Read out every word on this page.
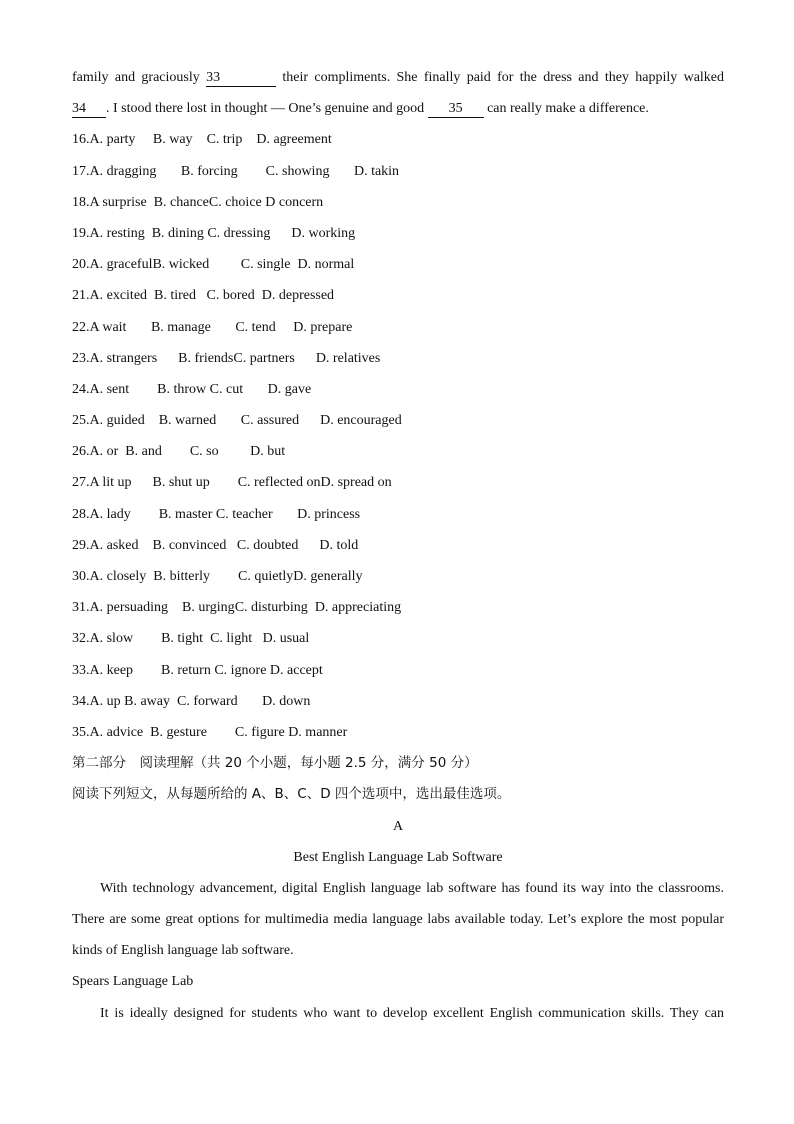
family and graciously 33	their compliments. She finally paid for the dress and they happily walked
34 . I stood there lost in thought — One’s genuine and good 35 can really make a difference.
16.A. party B. way C. trip D. agreement
17.A. dragging B. forcing C. showing D. takin
18.A surprise B. chanceC. choice D concern
19.A. resting B. dining C. dressing D. working
20.A. gracefulB. wicked C. single D. normal
21.A. excited B. tired C. bored D. depressed
22.A wait B. manage C. tend D. prepare
23.A. strangers B. friendsC. partners D. relatives
24.A. sent B. throw C. cut D. gave
25.A. guided B. warned C. assured D. encouraged
26.A. or B. and C. so D. but
27.A lit up B. shut up C. reflected onD. spread on
28.A. lady B. master C. teacher D. princess
29.A. asked B. convinced C. doubted D. told
30.A. closely B. bitterly C. quietlyD. generally
31.A. persuading B. urgingC. disturbing D. appreciating
32.A. slow B. tight C. light D. usual
33.A. keep B. return C. ignore D. accept
34.A. up B. away C. forward D. down
35.A. advice B. gesture C. figure D. manner
第二部分　阅读理解（共 20 个小题，每小题 2.5 分，满分 50 分）
阅读下列短文，从每题所给的 A、B、C、D 四个选项中，选出最佳选项。
A
Best English Language Lab Software
With technology advancement, digital English language lab software has found its way into the classrooms.
There are some great options for multimedia media language labs available today. Let’s explore the most popular
kinds of English language lab software.
Spears Language Lab
It is ideally designed for students who want to develop excellent English communication skills. They can
